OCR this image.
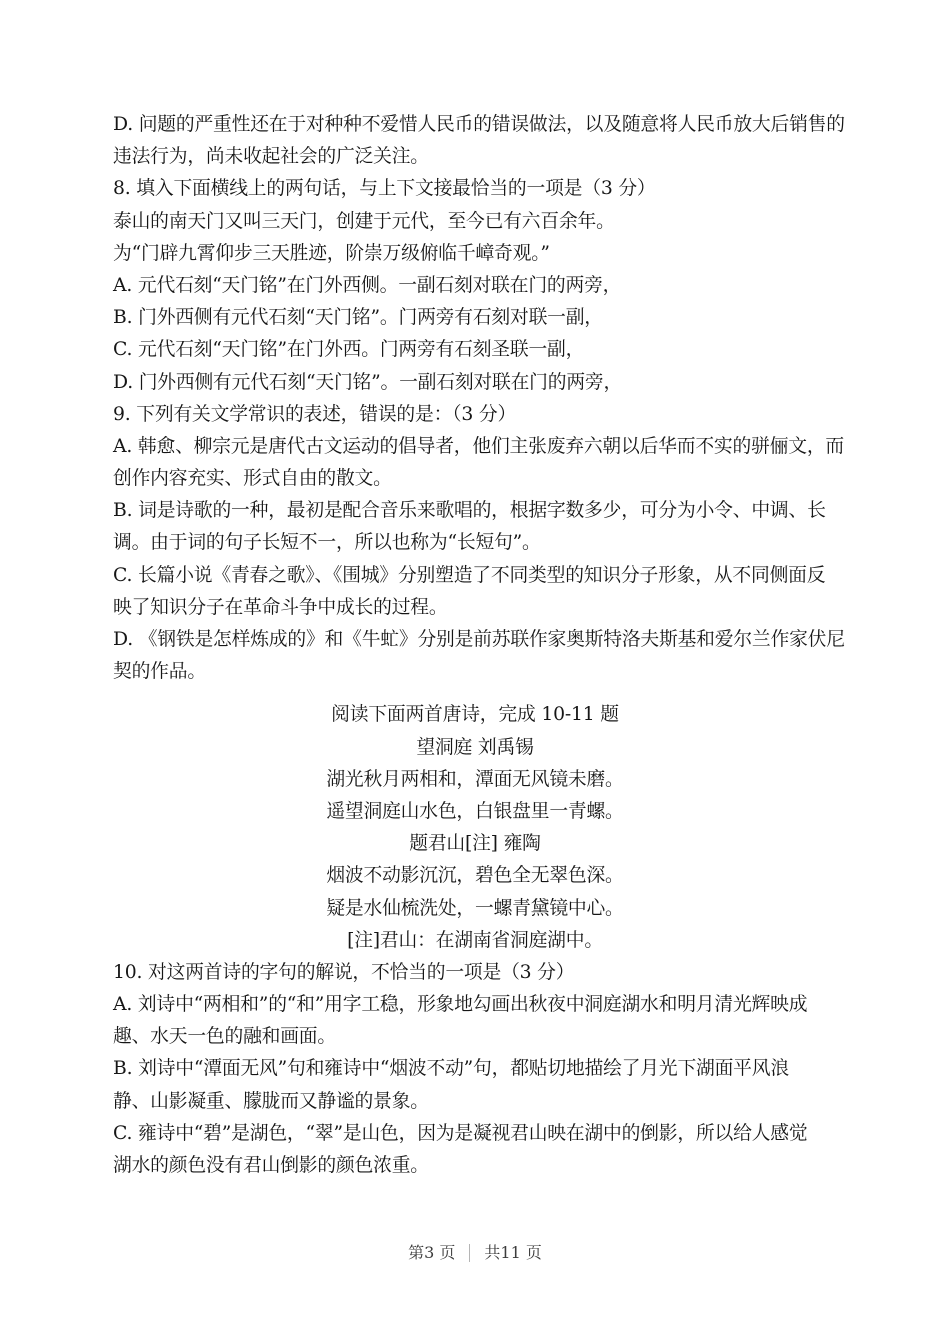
D. 问题的严重性还在于对种种不爱惜人民币的错误做法，以及随意将人民币放大后销售的
违法行为，尚未收起社会的广泛关注。
8. 填入下面横线上的两句话，与上下文接最恰当的一项是（3 分）
泰山的南天门又叫三天门，创建于元代，至今已有六百余年。
为“门辟九霄仰步三天胜迹，阶崇万级俯临千嶂奇观。”
A. 元代石刻“天门铭”在门外西侧。一副石刻对联在门的两旁，
B. 门外西侧有元代石刻“天门铭”。门两旁有石刻对联一副，
C. 元代石刻“天门铭”在门外西。门两旁有石刻圣联一副，
D. 门外西侧有元代石刻“天门铭”。一副石刻对联在门的两旁，
9. 下列有关文学常识的表述，错误的是：（3 分）
A. 韩愈、柳宗元是唐代古文运动的倡导者，他们主张废弃六朝以后华而不实的骈俪文，而
创作内容充实、形式自由的散文。
B. 词是诗歌的一种，最初是配合音乐来歌唱的，根据字数多少，可分为小令、中调、长
调。由于词的句子长短不一，所以也称为“长短句”。
C. 长篇小说《青春之歌》、《围城》分别塑造了不同类型的知识分子形象，从不同侧面反
映了知识分子在革命斗争中成长的过程。
D. 《钢铁是怎样炼成的》和《牛虻》分别是前苏联作家奥斯特洛夫斯基和爱尔兰作家伏尼
契的作品。
阅读下面两首唐诗，完成 10-11 题
望洞庭 刘禹锡
湖光秋月两相和，潭面无风镜未磨。
遥望洞庭山水色，白银盘里一青螺。
题君山[注] 雍陶
烟波不动影沉沉，碧色全无翠色深。
疑是水仙梳洗处，一螺青黛镜中心。
[注]君山：在湖南省洞庭湖中。
10. 对这两首诗的字句的解说，不恰当的一项是（3 分）
A. 刘诗中“两相和”的“和”用字工稳，形象地勾画出秋夜中洞庭湖水和明月清光辉映成
趣、水天一色的融和画面。
B. 刘诗中“潭面无风”句和雍诗中“烟波不动”句，都贴切地描绘了月光下湖面平风浪
静、山影凝重、朦胧而又静谧的景象。
C. 雍诗中“碧”是湖色，“翠”是山色，因为是凝视君山映在湖中的倒影，所以给人感觉
湖水的颜色没有君山倒影的颜色浓重。
第3 页 共11 页
